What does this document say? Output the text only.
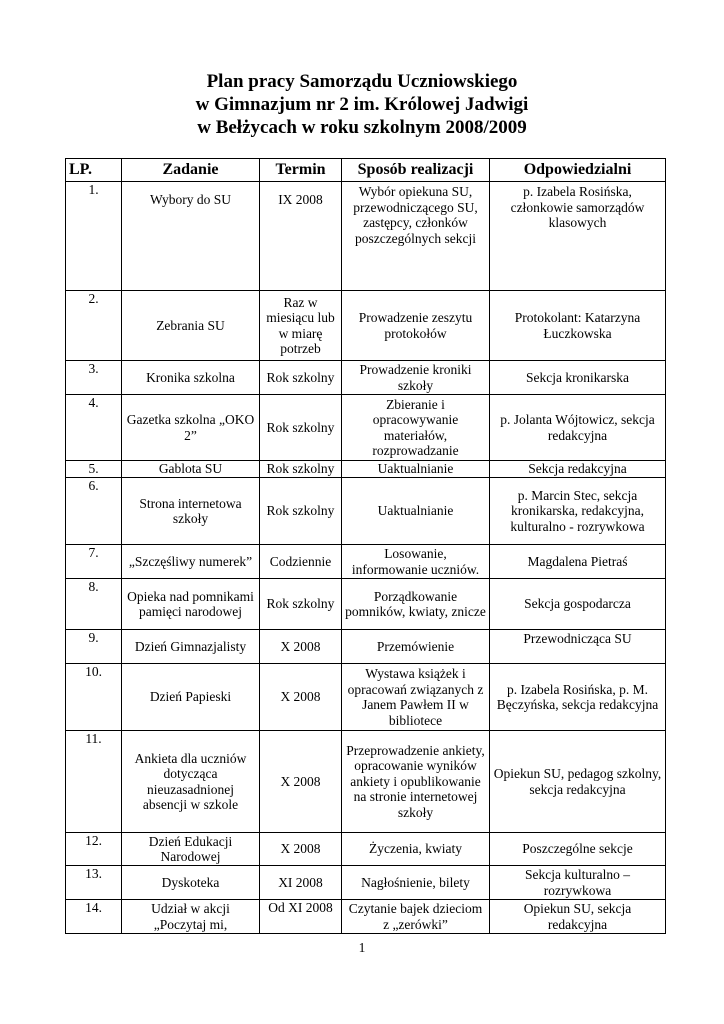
Plan pracy Samorządu Uczniowskiego
w Gimnazjum nr 2 im. Królowej Jadwigi
w Bełżycach w roku szkolnym 2008/2009
LP.	Zadanie	Termin	Sposób realizacji	Odpowiedzialni
1.	Wybory do SU	IX 2008	Wybór opiekuna SU, przewodniczącego SU, zastępcy, członków poszczególnych sekcji	p. Izabela Rosińska, członkowie samorządów klasowych
2.	Zebrania SU	Raz w miesiącu lub w miarę potrzeb	Prowadzenie zeszytu protokołów	Protokolant: Katarzyna Łuczkowska
3.	Kronika szkolna	Rok szkolny	Prowadzenie kroniki szkoły	Sekcja kronikarska
4.	Gazetka szkolna „OKO 2”	Rok szkolny	Zbieranie i opracowywanie materiałów, rozprowadzanie	p. Jolanta Wójtowicz, sekcja redakcyjna
5.	Gablota SU	Rok szkolny	Uaktualnianie	Sekcja redakcyjna
6.	Strona internetowa szkoły	Rok szkolny	Uaktualnianie	p. Marcin Stec, sekcja kronikarska, redakcyjna, kulturalno - rozrywkowa
7.	„Szczęśliwy numerek”	Codziennie	Losowanie, informowanie uczniów.	Magdalena Pietraś
8.	Opieka nad pomnikami pamięci narodowej	Rok szkolny	Porządkowanie pomników, kwiaty, znicze	Sekcja gospodarcza
9.	Dzień Gimnazjalisty	X 2008	Przemówienie	Przewodnicząca SU
10.	Dzień Papieski	X 2008	Wystawa książek i opracowań związanych z Janem Pawłem II w bibliotece	p. Izabela Rosińska, p. M. Bęczyńska, sekcja redakcyjna
11.	Ankieta dla uczniów dotycząca nieuzasadnionej absencji w szkole	X 2008	Przeprowadzenie ankiety, opracowanie wyników ankiety i opublikowanie na stronie internetowej szkoły	Opiekun SU, pedagog szkolny, sekcja redakcyjna
12.	Dzień Edukacji Narodowej	X 2008	Życzenia, kwiaty	Poszczególne sekcje
13.	Dyskoteka	XI 2008	Nagłośnienie, bilety	Sekcja kulturalno – rozrywkowa
14.	Udział w akcji „Poczytaj mi,	Od XI 2008	Czytanie bajek dzieciom z „zerówki”	Opiekun SU, sekcja redakcyjna
1
